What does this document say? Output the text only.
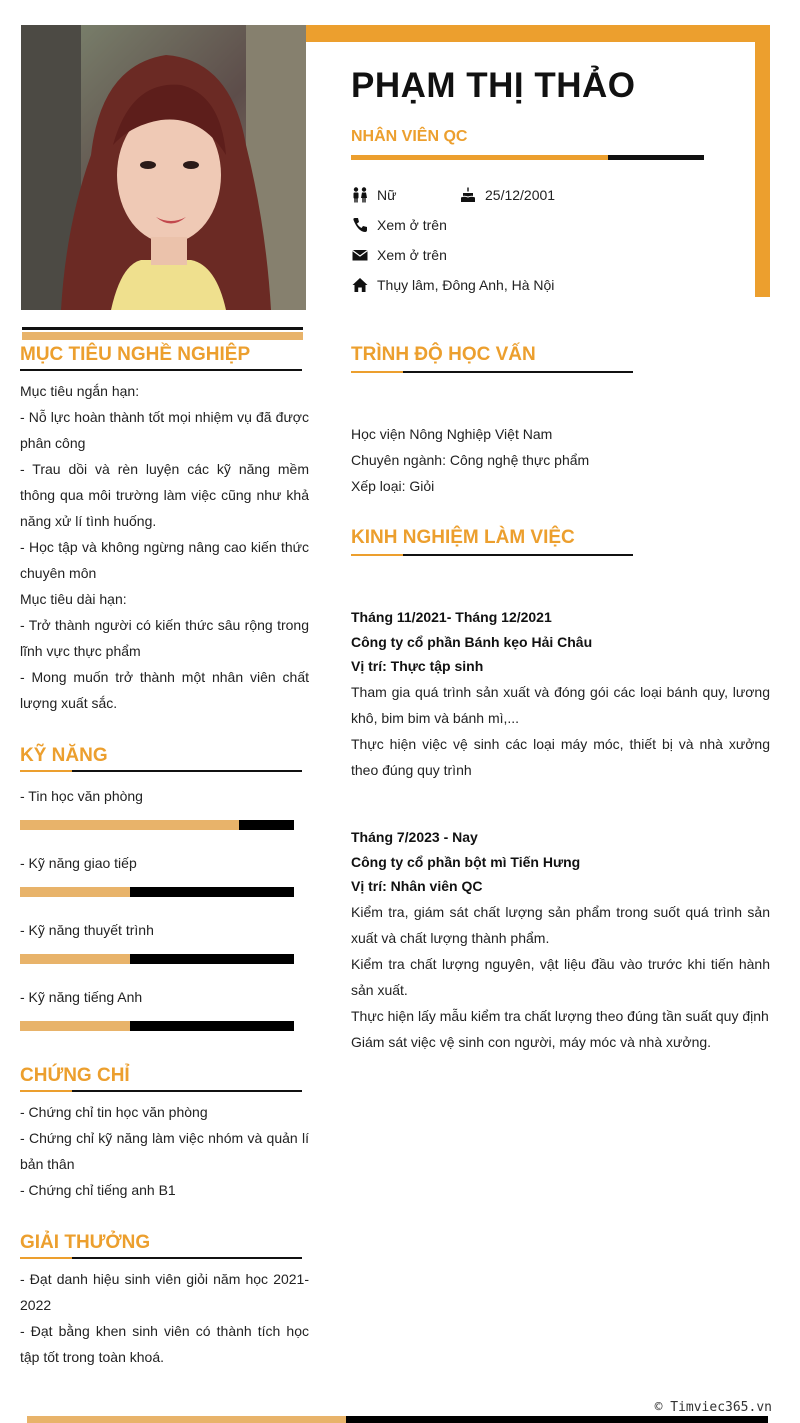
PHẠM THỊ THẢO
NHÂN VIÊN QC
Nữ	25/12/2001
Xem ở trên
Xem ở trên
Thụy lâm, Đông Anh, Hà Nội
MỤC TIÊU NGHỀ NGHIỆP

Mục tiêu ngắn hạn:

- Nỗ lực hoàn thành tốt mọi nhiệm vụ đã được phân công

- Trau dồi và rèn luyện các kỹ năng mềm thông qua môi trường làm việc cũng như khả năng xử lí tình huống.

- Học tập và không ngừng nâng cao kiến thức chuyên môn

Mục tiêu dài hạn:

- Trở thành người có kiến thức sâu rộng trong lĩnh vực thực phẩm

- Mong muốn trở thành một nhân viên chất lượng xuất sắc.

KỸ NĂNG
- Tin học văn phòng
- Kỹ năng giao tiếp
- Kỹ năng thuyết trình
- Kỹ năng tiếng Anh
CHỨNG CHỈ

- Chứng chỉ tin học văn phòng

- Chứng chỉ kỹ năng làm việc nhóm và quản lí bản thân

- Chứng chỉ tiếng anh B1

GIẢI THƯỞNG

- Đạt danh hiệu sinh viên giỏi năm học 2021-2022

- Đạt bằng khen sinh viên có thành tích học tập tốt trong toàn khoá.

TRÌNH ĐỘ HỌC VẤN
Học viện Nông Nghiệp Việt Nam
Chuyên ngành: Công nghệ thực phẩm
Xếp loại: Giỏi
KINH NGHIỆM LÀM VIỆC
Tháng 11/2021- Tháng 12/2021
Công ty cổ phần Bánh kẹo Hải Châu
Vị trí: Thực tập sinh
Tham gia quá trình sản xuất và đóng gói các loại bánh quy, lương khô, bim bim và bánh mì,...
Thực hiện việc vệ sinh các loại máy móc, thiết bị và nhà xưởng theo đúng quy trình
Tháng 7/2023 - Nay
Công ty cổ phần bột mì Tiến Hưng
Vị trí: Nhân viên QC
Kiểm tra, giám sát chất lượng sản phẩm trong suốt quá trình sản xuất và chất lượng thành phẩm.
Kiểm tra chất lượng nguyên, vật liệu đầu vào trước khi tiến hành sản xuất.
Thực hiện lấy mẫu kiểm tra chất lượng theo đúng tần suất quy định
Giám sát việc vệ sinh con người, máy móc và nhà xưởng.
© Timviec365.vn
